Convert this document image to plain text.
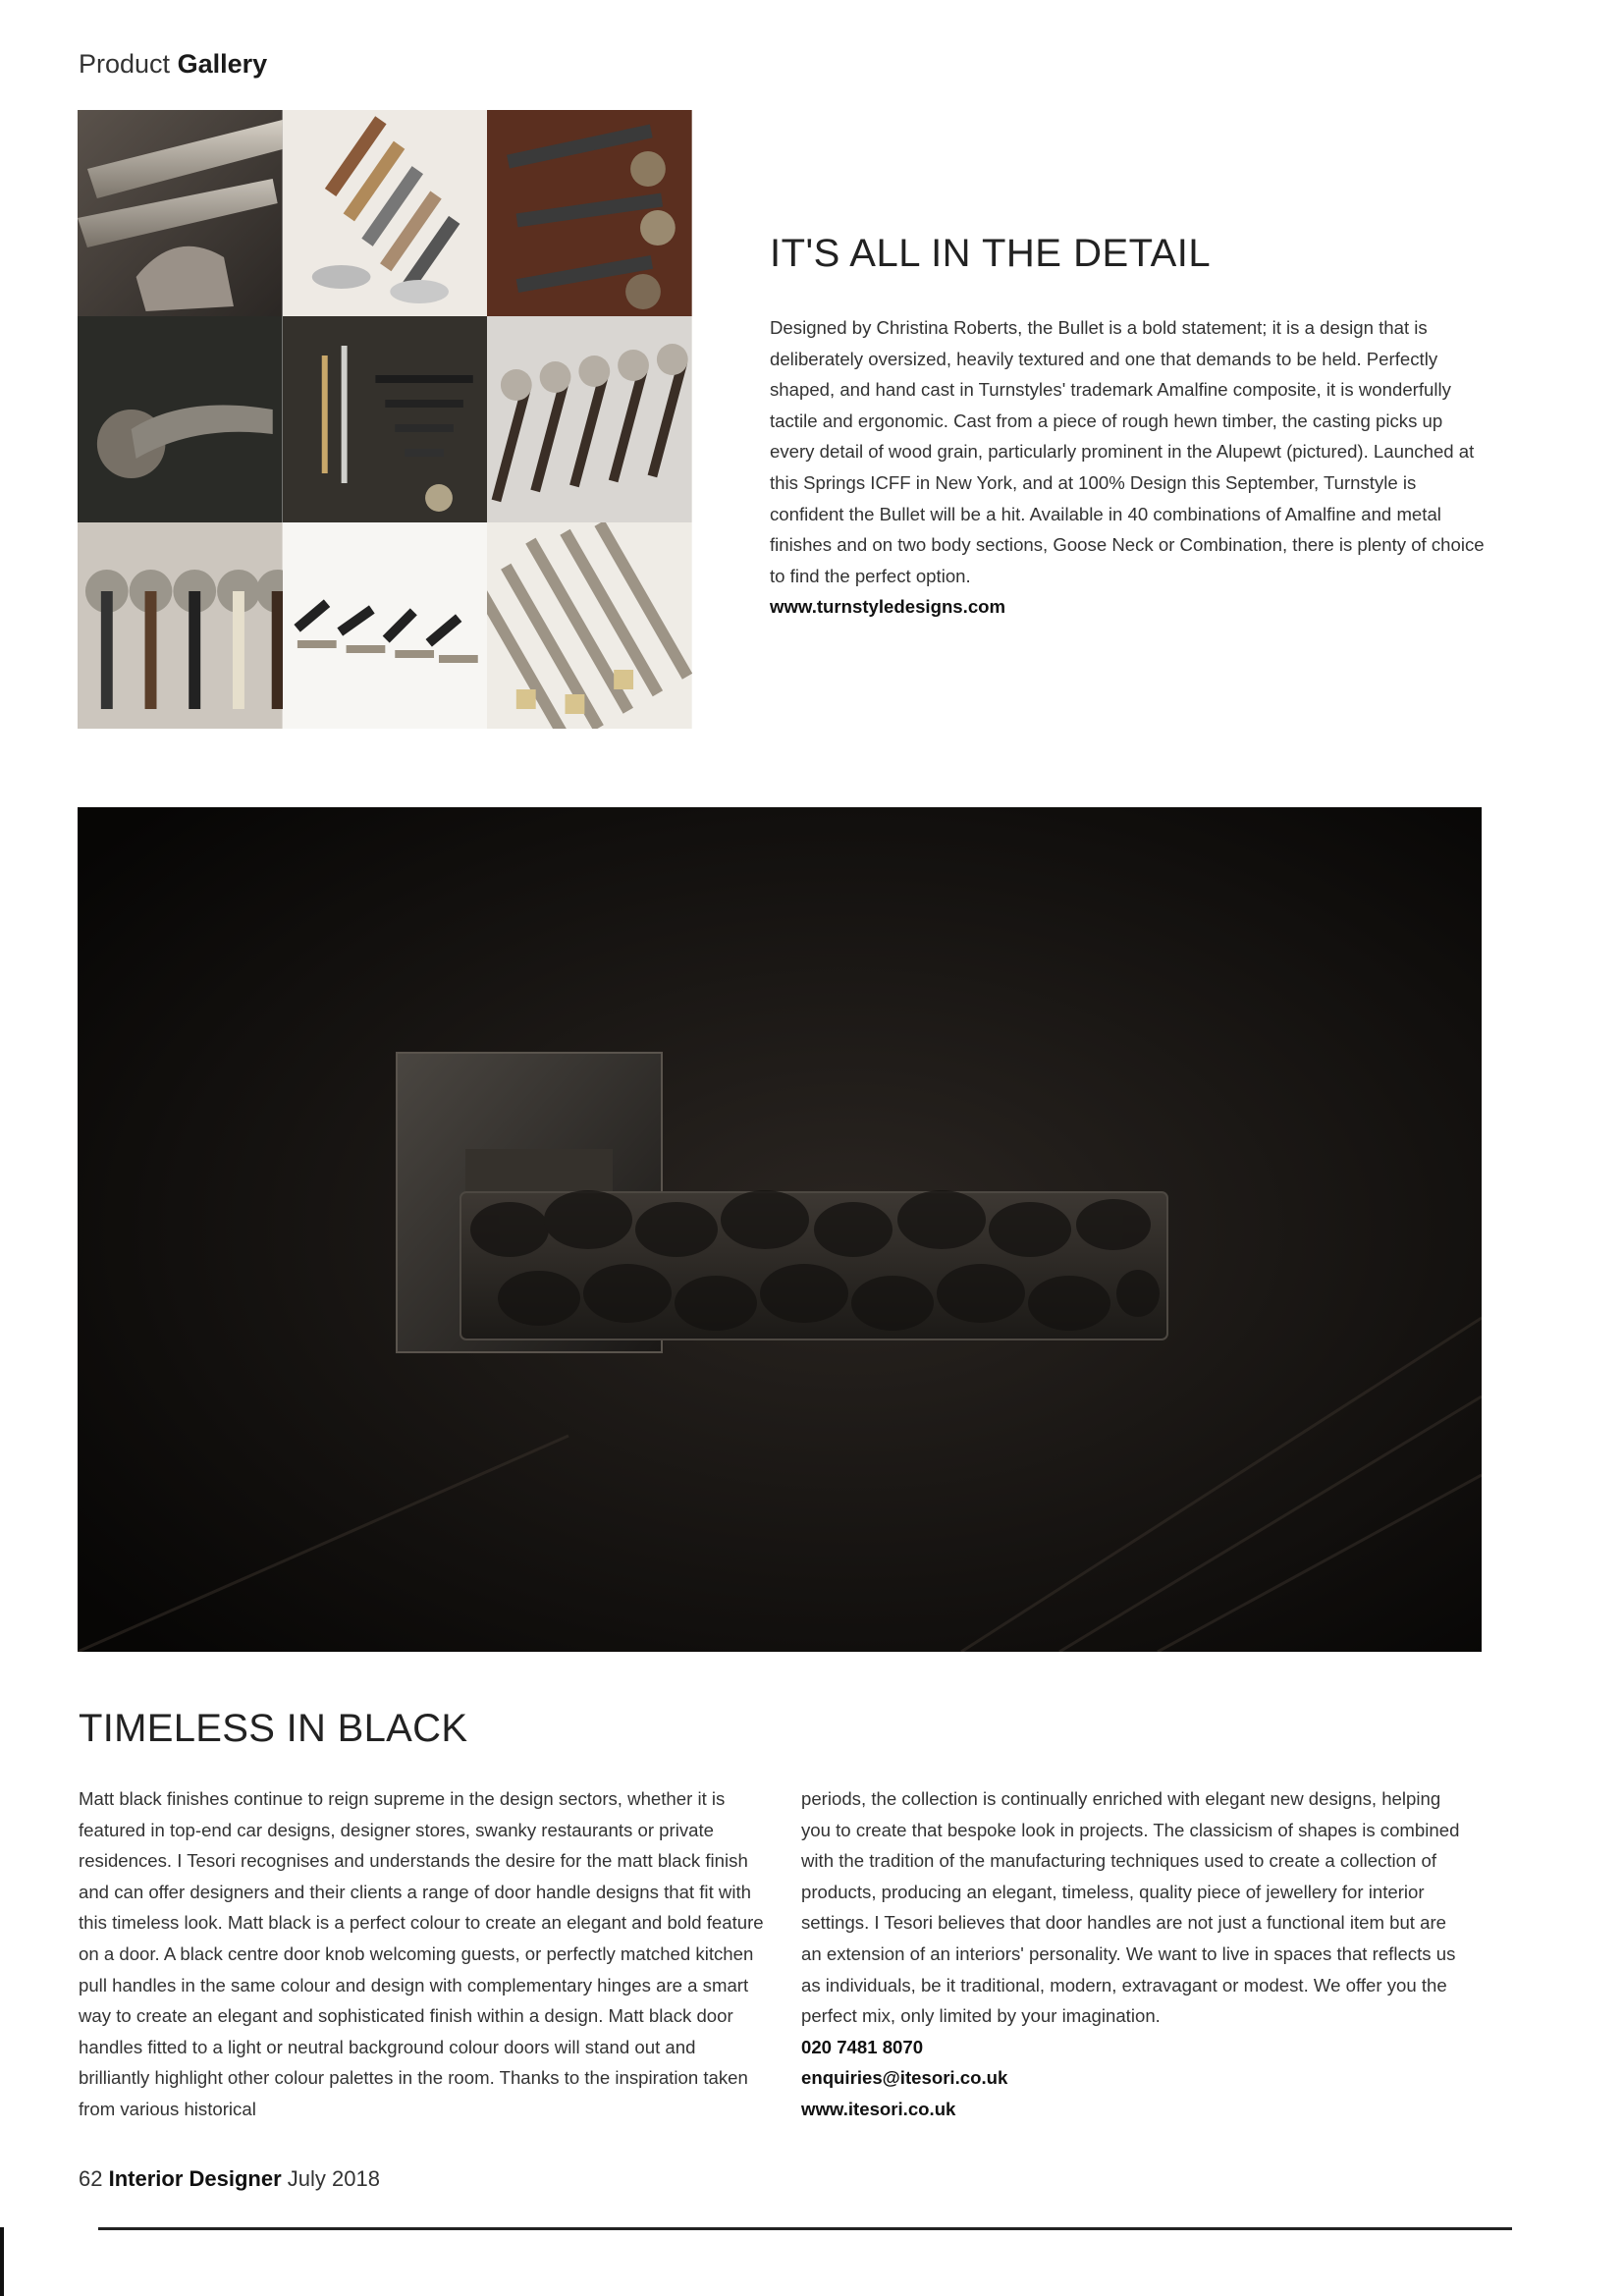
Product Gallery
IT'S ALL IN THE DETAIL

Designed by Christina Roberts, the Bullet is a bold statement; it is a design that is deliberately oversized, heavily textured and one that demands to be held. Perfectly shaped, and hand cast in Turnstyles' trademark Amalfine composite, it is wonderfully tactile and ergonomic. Cast from a piece of rough hewn timber, the casting picks up every detail of wood grain, particularly prominent in the Alupewt (pictured). Launched at this Springs ICFF in New York, and at 100% Design this September, Turnstyle is confident the Bullet will be a hit. Available in 40 combinations of Amalfine and metal finishes and on two body sections, Goose Neck or Combination, there is plenty of choice to find the perfect option.
www.turnstyledesigns.com

TIMELESS IN BLACK

Matt black finishes continue to reign supreme in the design sectors, whether it is featured in top-end car designs, designer stores, swanky restaurants or private residences. I Tesori recognises and understands the desire for the matt black finish and can offer designers and their clients a range of door handle designs that fit with this timeless look. Matt black is a perfect colour to create an elegant and bold feature on a door. A black centre door knob welcoming guests, or perfectly matched kitchen pull handles in the same colour and design with complementary hinges are a smart way to create an elegant and sophisticated finish within a design. Matt black door handles fitted to a light or neutral background colour doors will stand out and brilliantly highlight other colour palettes in the room. Thanks to the inspiration taken from various historical

periods, the collection is continually enriched with elegant new designs, helping you to create that bespoke look in projects. The classicism of shapes is combined with the tradition of the manufacturing techniques used to create a collection of products, producing an elegant, timeless, quality piece of jewellery for interior settings. I Tesori believes that door handles are not just a functional item but are an extension of an interiors' personality. We want to live in spaces that reflects us as individuals, be it traditional, modern, extravagant or modest. We offer you the perfect mix, only limited by your imagination.
020 7481 8070
enquiries@itesori.co.uk
www.itesori.co.uk

62 Interior Designer July 2018
